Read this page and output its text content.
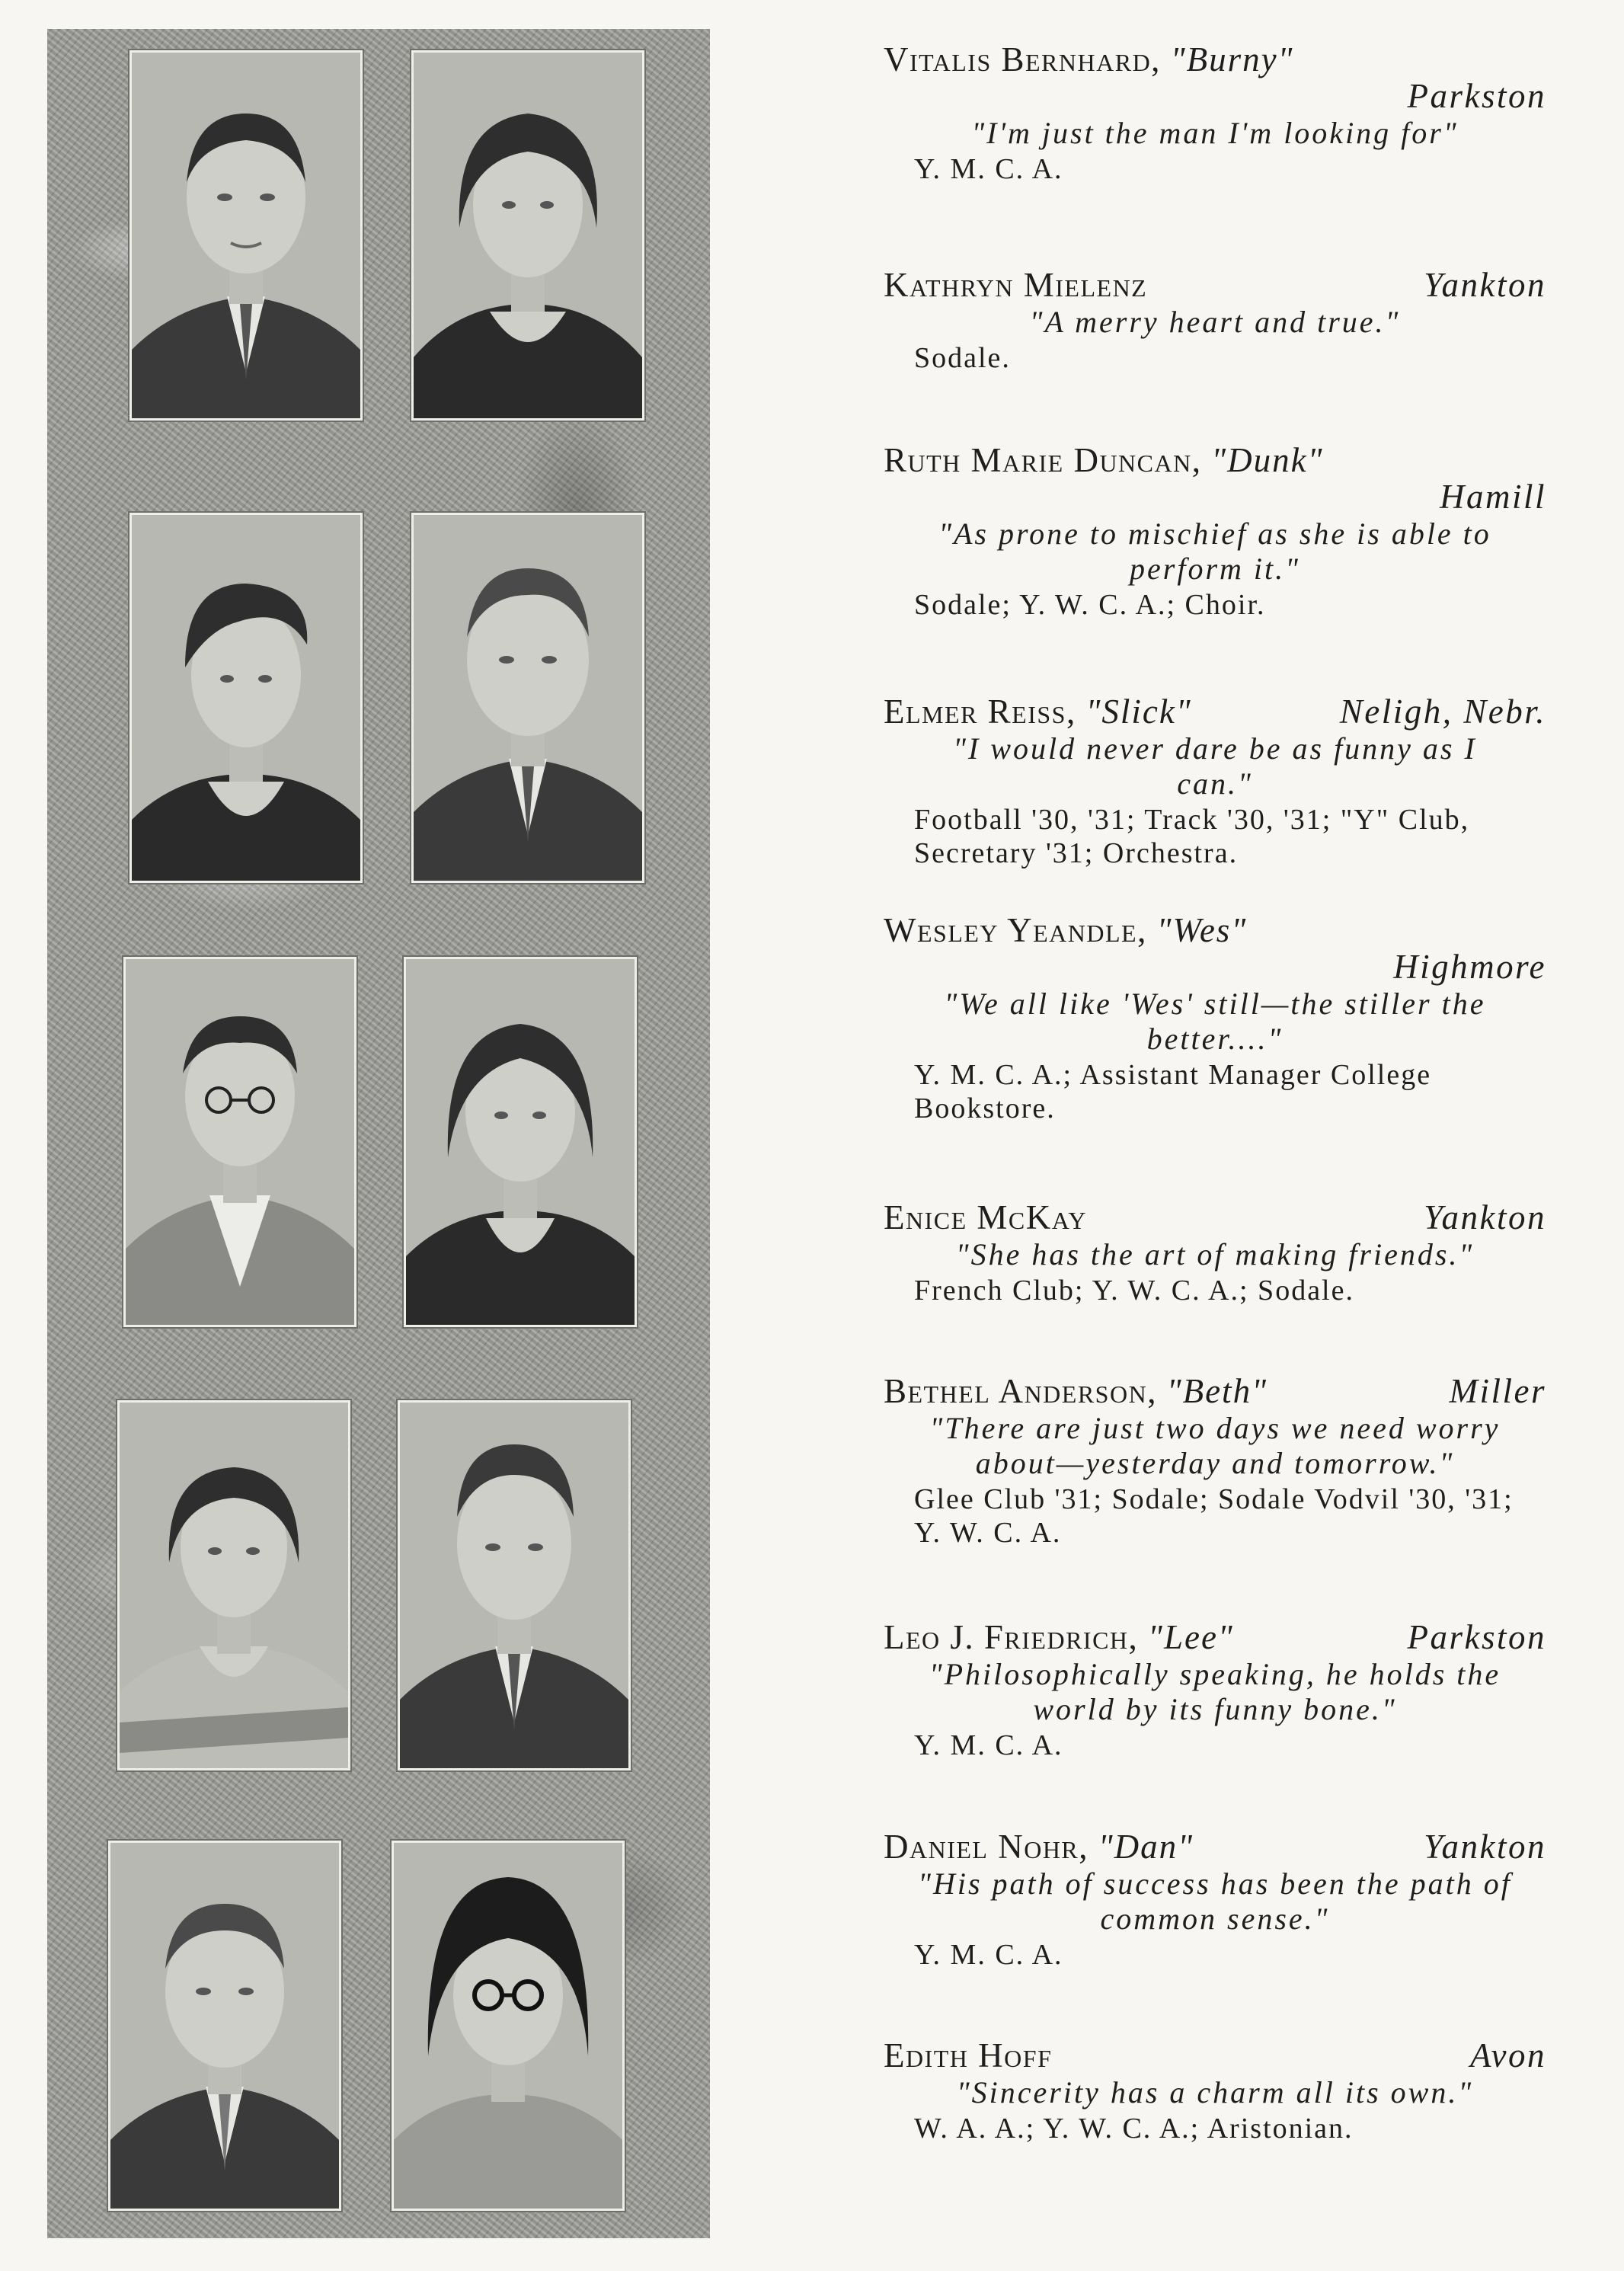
Vitalis Bernhard, "Burny"
Parkston
"I'm just the man I'm looking for"
Y. M. C. A.
Kathryn Mielenz	Yankton
"A merry heart and true."
Sodale.
Ruth Marie Duncan, "Dunk"
Hamill
"As prone to mischief as she is able to perform it."
Sodale; Y. W. C. A.; Choir.
Elmer Reiss, "Slick"	Neligh, Nebr.
"I would never dare be as funny as I can."
Football '30, '31; Track '30, '31; "Y" Club, Secretary '31; Orchestra.
Wesley Yeandle, "Wes"
Highmore
"We all like 'Wes' still—the stiller the better...."
Y. M. C. A.; Assistant Manager College Bookstore.
Enice McKay	Yankton
"She has the art of making friends."
French Club; Y. W. C. A.; Sodale.
Bethel Anderson, "Beth"	Miller
"There are just two days we need worry about—yesterday and tomorrow."
Glee Club '31; Sodale; Sodale Vodvil '30, '31; Y. W. C. A.
Leo J. Friedrich, "Lee"	Parkston
"Philosophically speaking, he holds the world by its funny bone."
Y. M. C. A.
Daniel Nohr, "Dan"	Yankton
"His path of success has been the path of common sense."
Y. M. C. A.
Edith Hoff	Avon
"Sincerity has a charm all its own."
W. A. A.; Y. W. C. A.; Aristonian.
